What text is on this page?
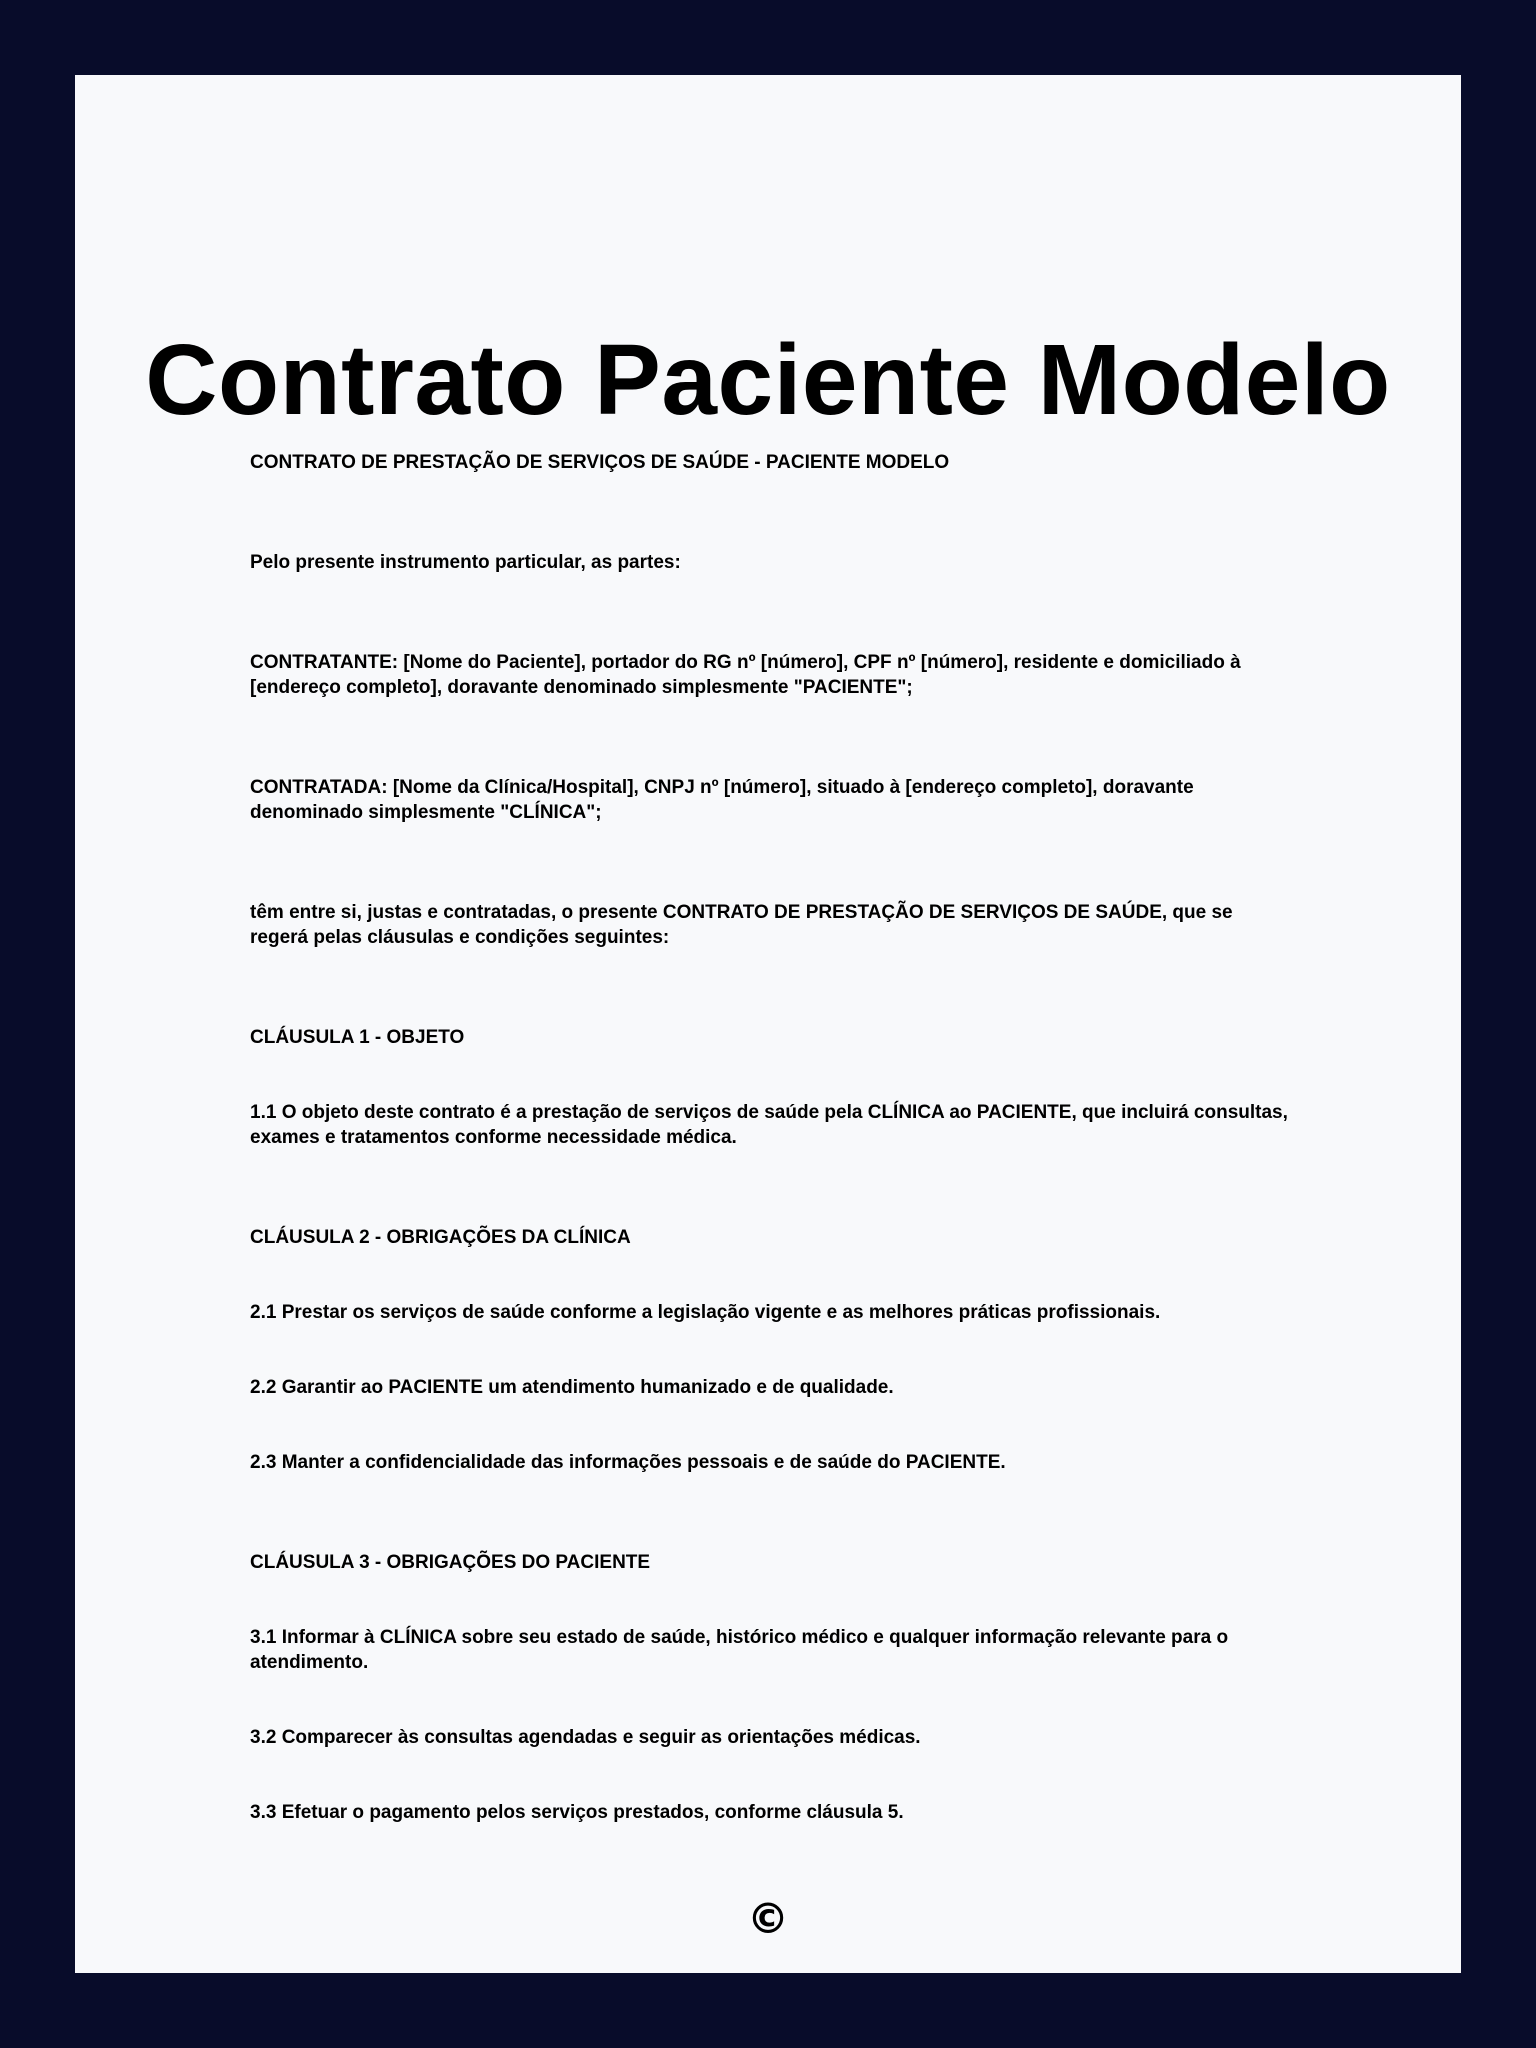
Contrato Paciente Modelo

CONTRATO DE PRESTAÇÃO DE SERVIÇOS DE SAÚDE - PACIENTE MODELO

Pelo presente instrumento particular, as partes:

CONTRATANTE: [Nome do Paciente], portador do RG nº [número], CPF nº [número], residente e domiciliado à [endereço completo], doravante denominado simplesmente "PACIENTE";

CONTRATADA: [Nome da Clínica/Hospital], CNPJ nº [número], situado à [endereço completo], doravante denominado simplesmente "CLÍNICA";

têm entre si, justas e contratadas, o presente CONTRATO DE PRESTAÇÃO DE SERVIÇOS DE SAÚDE, que se regerá pelas cláusulas e condições seguintes:

CLÁUSULA 1 - OBJETO

1.1 O objeto deste contrato é a prestação de serviços de saúde pela CLÍNICA ao PACIENTE, que incluirá consultas, exames e tratamentos conforme necessidade médica.

CLÁUSULA 2 - OBRIGAÇÕES DA CLÍNICA

2.1 Prestar os serviços de saúde conforme a legislação vigente e as melhores práticas profissionais.

2.2 Garantir ao PACIENTE um atendimento humanizado e de qualidade.

2.3 Manter a confidencialidade das informações pessoais e de saúde do PACIENTE.

CLÁUSULA 3 - OBRIGAÇÕES DO PACIENTE

3.1 Informar à CLÍNICA sobre seu estado de saúde, histórico médico e qualquer informação relevante para o atendimento.

3.2 Comparecer às consultas agendadas e seguir as orientações médicas.

3.3 Efetuar o pagamento pelos serviços prestados, conforme cláusula 5.

©
